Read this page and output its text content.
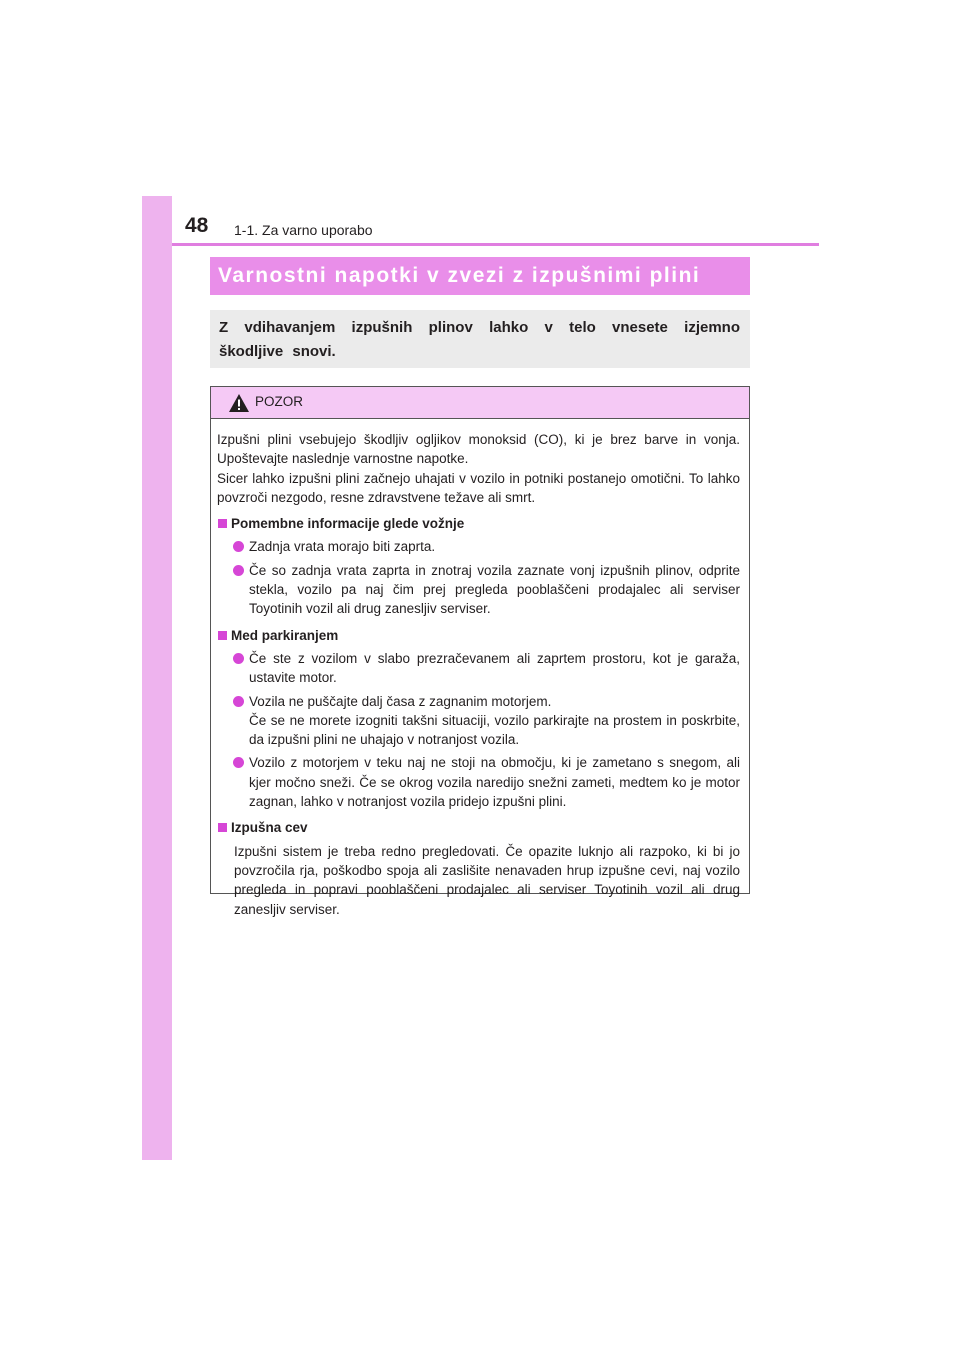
48 1-1. Za varno uporabo
Varnostni napotki v zvezi z izpušnimi plini
Z vdihavanjem izpušnih plinov lahko v telo vnesete izjemno škodljive snovi.
POZOR

Izpušni plini vsebujejo škodljiv ogljikov monoksid (CO), ki je brez barve in vonja. Upoštevajte naslednje varnostne napotke.

Sicer lahko izpušni plini začnejo uhajati v vozilo in potniki postanejo omotični. To lahko povzroči nezgodo, resne zdravstvene težave ali smrt.

Pomembne informacije glede vožnje
Zadnja vrata morajo biti zaprta.
Če so zadnja vrata zaprta in znotraj vozila zaznate vonj izpušnih plinov, odprite stekla, vozilo pa naj čim prej pregleda pooblaščeni prodajalec ali serviser Toyotinih vozil ali drug zanesljiv serviser.
Med parkiranjem
Če ste z vozilom v slabo prezračevanem ali zaprtem prostoru, kot je garaža, ustavite motor.
Vozila ne puščajte dalj časa z zagnanim motorjem.
Če se ne morete izogniti takšni situaciji, vozilo parkirajte na prostem in poskrbite, da izpušni plini ne uhajajo v notranjost vozila.
Vozilo z motorjem v teku naj ne stoji na območju, ki je zametano s snegom, ali kjer močno sneži. Če se okrog vozila naredijo snežni zameti, medtem ko je motor zagnan, lahko v notranjost vozila pridejo izpušni plini.
Izpušna cev

Izpušni sistem je treba redno pregledovati. Če opazite luknjo ali razpoko, ki bi jo povzročila rja, poškodbo spoja ali zaslišite nenavaden hrup izpušne cevi, naj vozilo pregleda in popravi pooblaščeni prodajalec ali serviser Toyotinih vozil ali drug zanesljiv serviser.
